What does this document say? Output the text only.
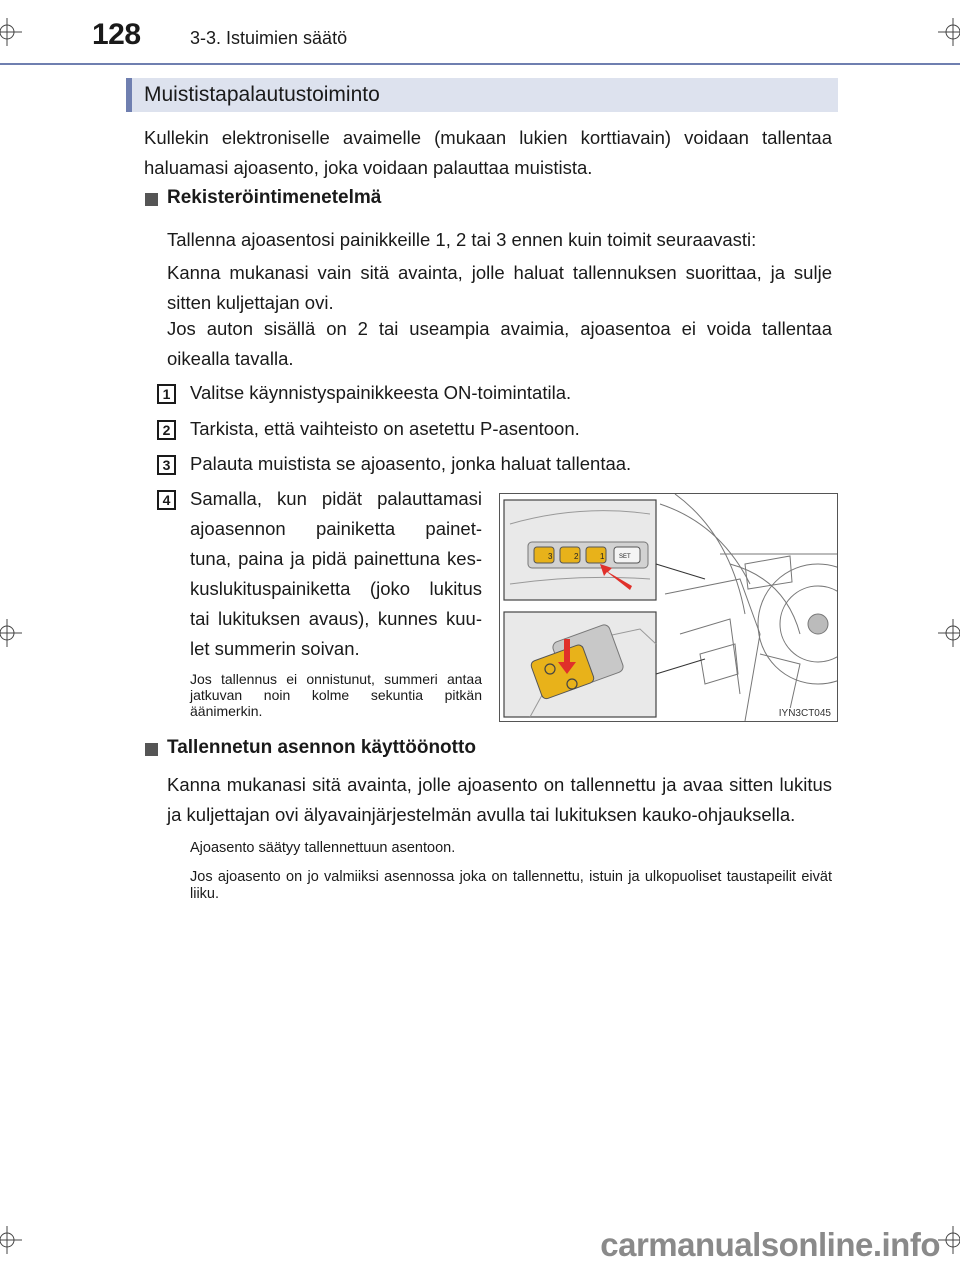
128	3-3. Istuimien säätö
Muististapalautustoiminto
Kullekin elektroniselle avaimelle (mukaan lukien korttiavain) voidaan tallentaa haluamasi ajoasento, joka voidaan palauttaa muistista.
Rekisteröintimenetelmä
Tallenna ajoasentosi painikkeille 1, 2 tai 3 ennen kuin toimit seuraavasti:
Kanna mukanasi vain sitä avainta, jolle haluat tallennuksen suorittaa, ja sulje sitten kuljettajan ovi.
Jos auton sisällä on 2 tai useampia avaimia, ajoasentoa ei voida tallentaa oikealla tavalla.
1	Valitse käynnistyspainikkeesta ON-toimintatila.
2	Tarkista, että vaihteisto on asetettu P-asentoon.
3	Palauta muistista se ajoasento, jonka haluat tallentaa.
4	Samalla, kun pidät palauttamasi
ajoasennon painiketta painet-
tuna, paina ja pidä painettuna kes-
kuslukituspainiketta (joko lukitus
tai lukituksen avaus), kunnes kuu-
let summerin soivan.
Jos tallennus ei onnistunut, summeri antaa jatkuvan noin kolme sekuntia pitkän äänimerkin.
3	2	1 SET
IYN3CT045
Tallennetun asennon käyttöönotto
Kanna mukanasi sitä avainta, jolle ajoasento on tallennettu ja avaa sitten lukitus ja kuljettajan ovi älyavainjärjestelmän avulla tai lukituksen kauko-ohjauksella.
Ajoasento säätyy tallennettuun asentoon.
Jos ajoasento on jo valmiiksi asennossa joka on tallennettu, istuin ja ulkopuoliset taustapeilit eivät liiku.
carmanualsonline.info
